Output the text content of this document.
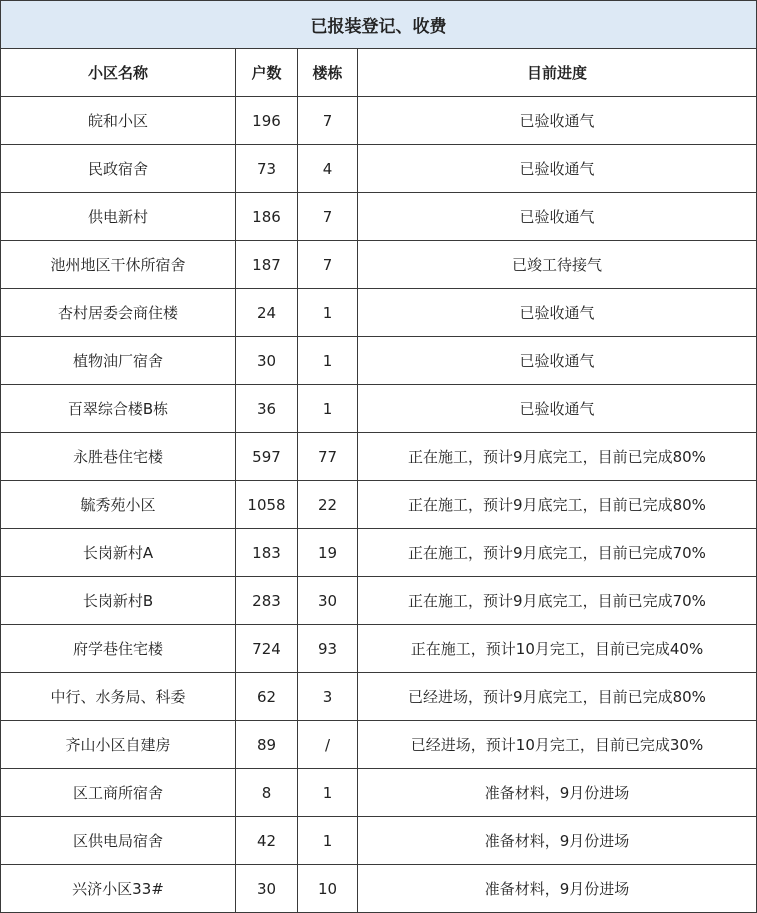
已报装登记、收费			
小区名称	户数	楼栋	目前进度
皖和小区	196	7	已验收通气
民政宿舍	73	4	已验收通气
供电新村	186	7	已验收通气
池州地区干休所宿舍	187	7	已竣工待接气
杏村居委会商住楼	24	1	已验收通气
植物油厂宿舍	30	1	已验收通气
百翠综合楼B栋	36	1	已验收通气
永胜巷住宅楼	597	77	正在施工，预计9月底完工，目前已完成80%
毓秀苑小区	1058	22	正在施工，预计9月底完工，目前已完成80%
长岗新村A	183	19	正在施工，预计9月底完工，目前已完成70%
长岗新村B	283	30	正在施工，预计9月底完工，目前已完成70%
府学巷住宅楼	724	93	正在施工，预计10月完工，目前已完成40%
中行、水务局、科委	62	3	已经进场，预计9月底完工，目前已完成80%
齐山小区自建房	89	/	已经进场，预计10月完工，目前已完成30%
区工商所宿舍	8	1	准备材料，9月份进场
区供电局宿舍	42	1	准备材料，9月份进场
兴济小区33#	30	10	准备材料，9月份进场
